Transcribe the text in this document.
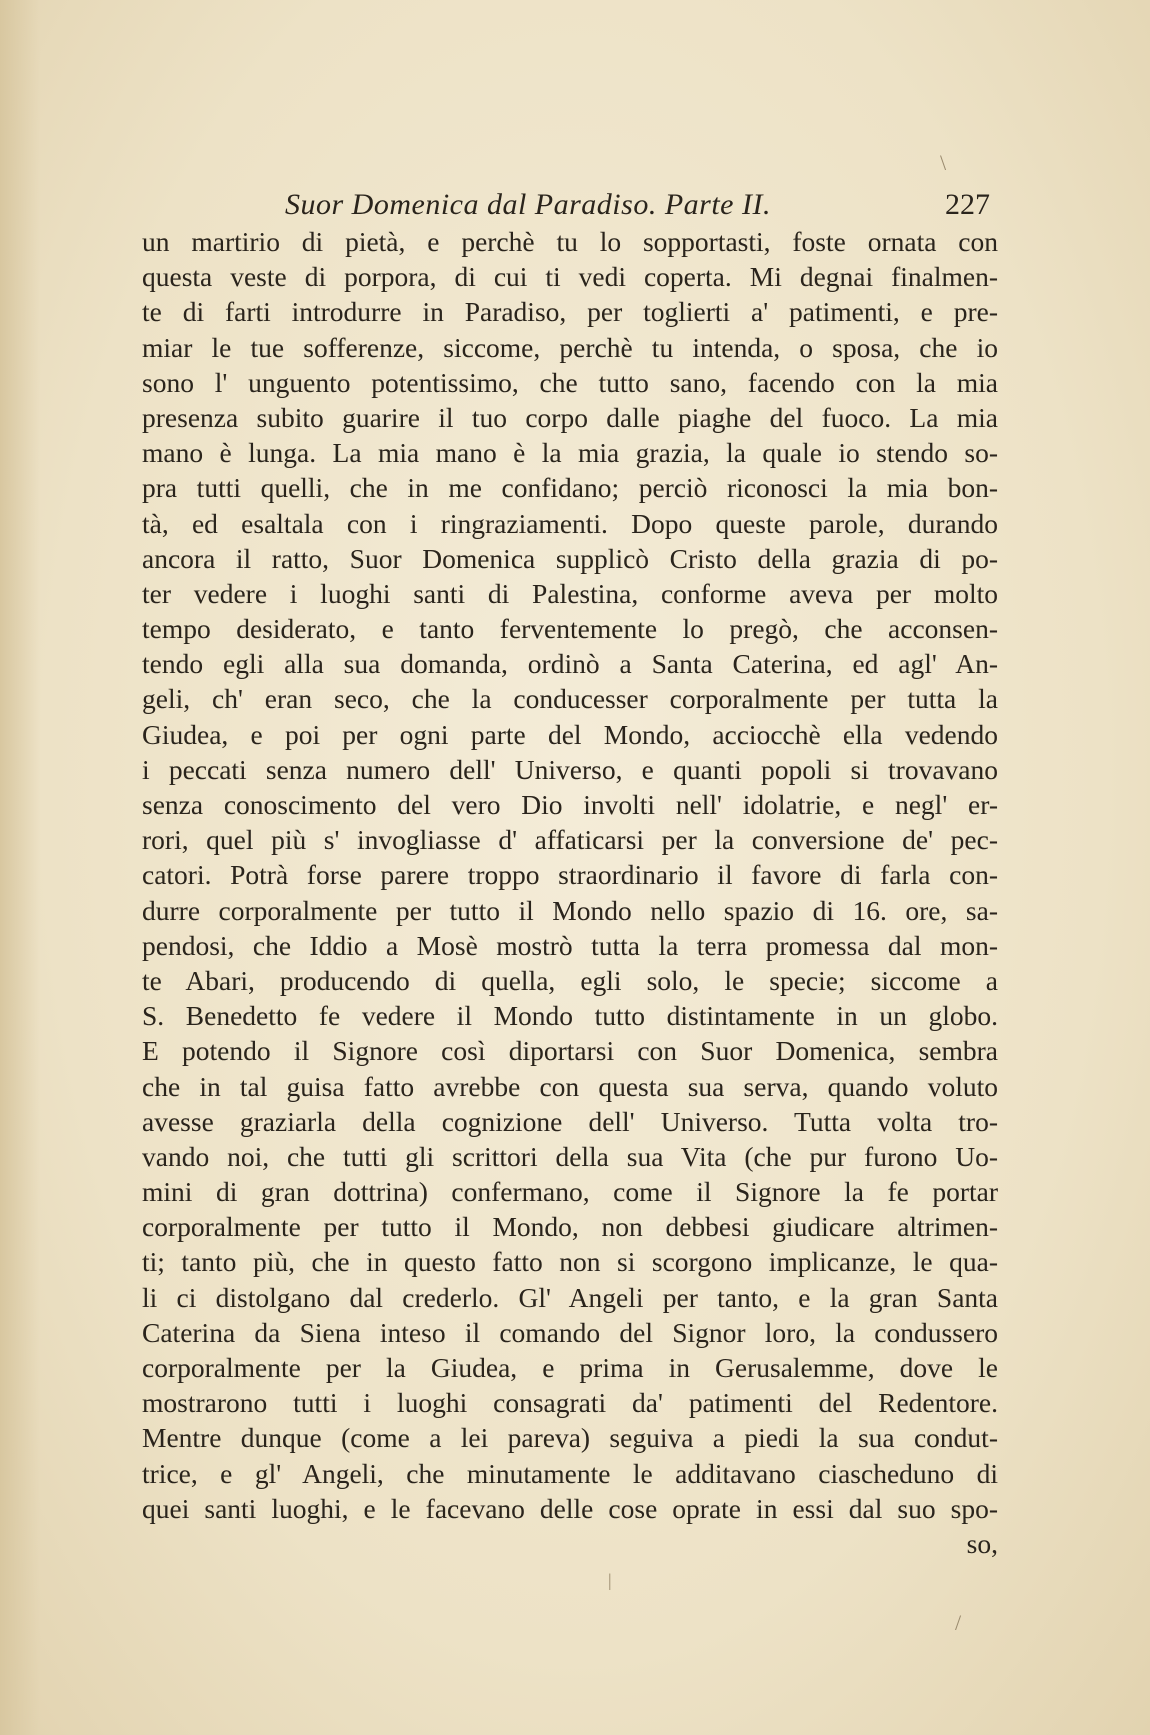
Suor Domenica dal Paradiso. Parte II.	227
un martirio di pietà, e perchè tu lo sopportasti, foste ornata con
questa veste di porpora, di cui ti vedi coperta. Mi degnai finalmen-
te di farti introdurre in Paradiso, per toglierti a' patimenti, e pre-
miar le tue sofferenze, siccome, perchè tu intenda, o sposa, che io
sono l' unguento potentissimo, che tutto sano, facendo con la mia
presenza subito guarire il tuo corpo dalle piaghe del fuoco. La mia
mano è lunga. La mia mano è la mia grazia, la quale io stendo so-
pra tutti quelli, che in me confidano; perciò riconosci la mia bon-
tà, ed esaltala con i ringraziamenti. Dopo queste parole, durando
ancora il ratto, Suor Domenica supplicò Cristo della grazia di po-
ter vedere i luoghi santi di Palestina, conforme aveva per molto
tempo desiderato, e tanto ferventemente lo pregò, che acconsen-
tendo egli alla sua domanda, ordinò a Santa Caterina, ed agl' An-
geli, ch' eran seco, che la conducesser corporalmente per tutta la
Giudea, e poi per ogni parte del Mondo, acciocchè ella vedendo
i peccati senza numero dell' Universo, e quanti popoli si trovavano
senza conoscimento del vero Dio involti nell' idolatrie, e negl' er-
rori, quel più s' invogliasse d' affaticarsi per la conversione de' pec-
catori. Potrà forse parere troppo straordinario il favore di farla con-
durre corporalmente per tutto il Mondo nello spazio di 16. ore, sa-
pendosi, che Iddio a Mosè mostrò tutta la terra promessa dal mon-
te Abari, producendo di quella, egli solo, le specie; siccome a
S. Benedetto fe vedere il Mondo tutto distintamente in un globo.
E potendo il Signore così diportarsi con Suor Domenica, sembra
che in tal guisa fatto avrebbe con questa sua serva, quando voluto
avesse graziarla della cognizione dell' Universo. Tutta volta tro-
vando noi, che tutti gli scrittori della sua Vita (che pur furono Uo-
mini di gran dottrina) confermano, come il Signore la fe portar
corporalmente per tutto il Mondo, non debbesi giudicare altrimen-
ti; tanto più, che in questo fatto non si scorgono implicanze, le qua-
li ci distolgano dal crederlo. Gl' Angeli per tanto, e la gran Santa
Caterina da Siena inteso il comando del Signor loro, la condussero
corporalmente per la Giudea, e prima in Gerusalemme, dove le
mostrarono tutti i luoghi consagrati da' patimenti del Redentore.
Mentre dunque (come a lei pareva) seguiva a piedi la sua condut-
trice, e gl' Angeli, che minutamente le additavano ciascheduno di
quei santi luoghi, e le facevano delle cose oprate in essi dal suo spo-
so,
\
/
|
